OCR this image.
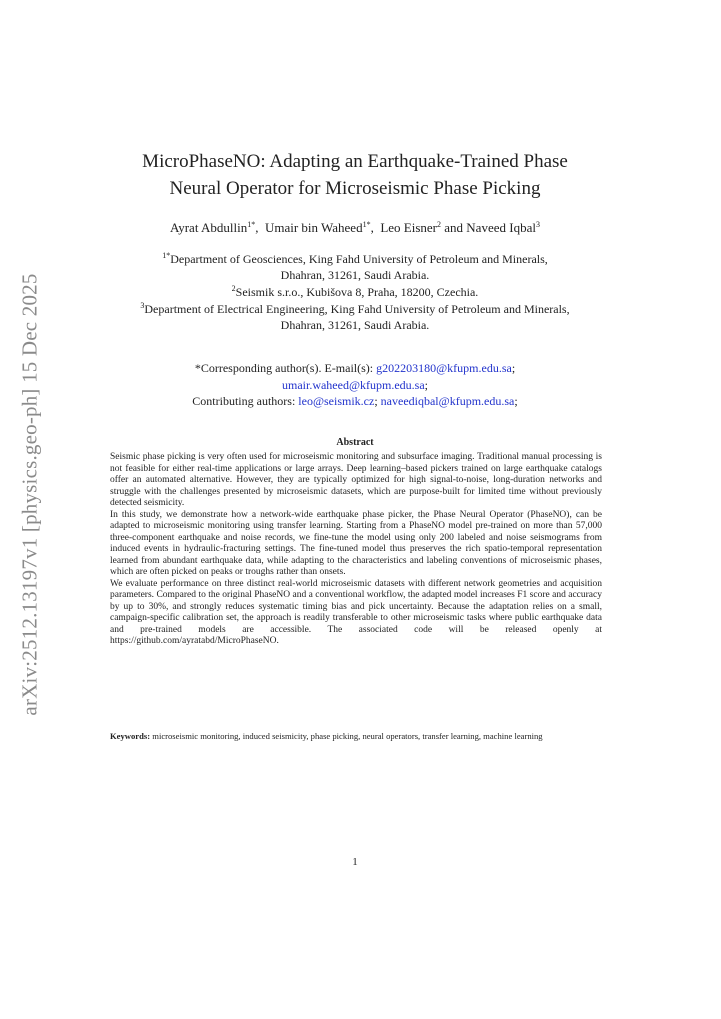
arXiv:2512.13197v1 [physics.geo-ph] 15 Dec 2025
MicroPhaseNO: Adapting an Earthquake-Trained Phase
Neural Operator for Microseismic Phase Picking
Ayrat Abdullin$^{1*}$,  Umair bin Waheed$^{1*}$,  Leo Eisner$^2$ and Naveed Iqbal$^3$
$^{1*}$Department of Geosciences, King Fahd University of Petroleum and Minerals,
Dhahran, 31261, Saudi Arabia.
$^2$Seismik s.r.o., Kubišova 8, Praha, 18200, Czechia.
$^3$Department of Electrical Engineering, King Fahd University of Petroleum and Minerals,
Dhahran, 31261, Saudi Arabia.
*Corresponding author(s). E-mail(s): g202203180@kfupm.edu.sa;
umair.waheed@kfupm.edu.sa;
Contributing authors: leo@seismik.cz; naveediqbal@kfupm.edu.sa;
Abstract

Seismic phase picking is very often used for microseismic monitoring and subsurface imaging. Traditional manual processing is not feasible for either real-time applications or large arrays. Deep learning–based pickers trained on large earthquake catalogs offer an automated alternative. However, they are typically optimized for high signal-to-noise, long-duration networks and struggle with the challenges presented by microseismic datasets, which are purpose-built for limited time without previously detected seismicity.

In this study, we demonstrate how a network-wide earthquake phase picker, the Phase Neural Operator (PhaseNO), can be adapted to microseismic monitoring using transfer learning. Starting from a PhaseNO model pre-trained on more than 57,000 three-component earthquake and noise records, we fine-tune the model using only 200 labeled and noise seismograms from induced events in hydraulic-fracturing settings. The fine-tuned model thus preserves the rich spatio-temporal representation learned from abundant earthquake data, while adapting to the characteristics and labeling conventions of microseismic phases, which are often picked on peaks or troughs rather than onsets.

We evaluate performance on three distinct real-world microseismic datasets with different network geometries and acquisition parameters. Compared to the original PhaseNO and a conventional workflow, the adapted model increases F1 score and accuracy by up to 30%, and strongly reduces systematic timing bias and pick uncertainty. Because the adaptation relies on a small, campaign-specific calibration set, the approach is readily transferable to other microseismic tasks where public earthquake data and pre-trained models are accessible. The associated code will be released openly at https://github.com/ayratabd/MicroPhaseNO.

Keywords: microseismic monitoring, induced seismicity, phase picking, neural operators, transfer learning, machine learning
1
